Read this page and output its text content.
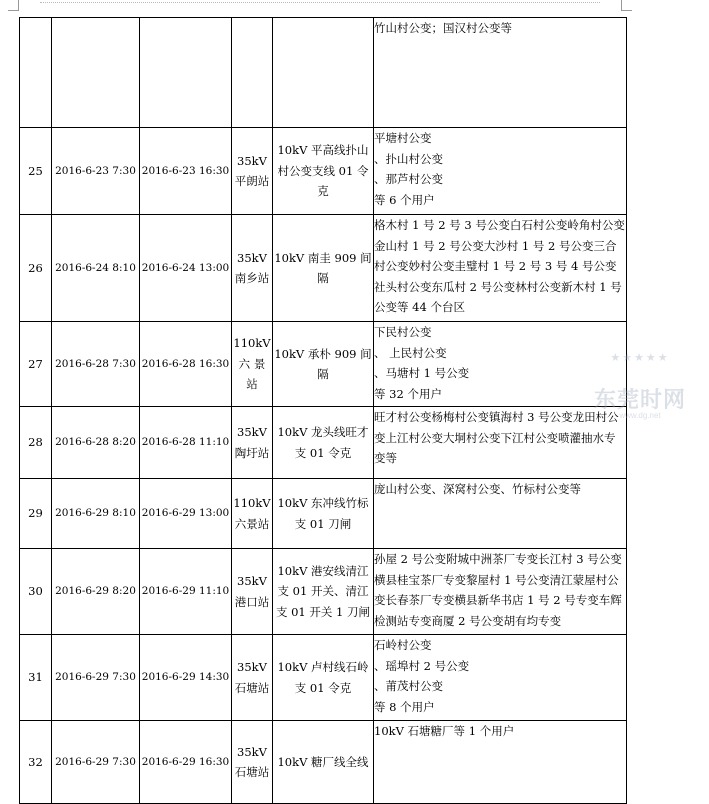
					竹山村公变；国汉村公变等

25	2016-6-23 7:30	2016-6-23 16:30	35kV 平朗站	10kV 平高线扑山村公变支线 01 令克	平塘村公变
、扑山村公变
、那芦村公变
等 6 个用户

26	2016-6-24 8:10	2016-6-24 13:00	35kV 南乡站	10kV 南圭 909 间隔	格木村 1 号 2 号 3 号公变白石村公变岭角村公变金山村 1 号 2 号公变大沙村 1 号 2 号公变三合村公变妙村公变圭璧村 1 号 2 号 3 号 4 号公变社头村公变东瓜村 2 号公变林村公变新木村 1 号公变等 44 个台区

27	2016-6-28 7:30	2016-6-28 16:30	110kV 六 景 站	10kV 承朴 909 间隔	下民村公变
、 上民村公变
、马塘村 1 号公变
等 32 个用户

28	2016-6-28 8:20	2016-6-28 11:10	35kV 陶圩站	10kV 龙头线旺才支 01 令克	旺才村公变杨梅村公变镇海村 3 号公变龙田村公变上江村公变大垌村公变下江村公变喷灌抽水专变等

29	2016-6-29 8:10	2016-6-29 13:00	110kV 六景站	10kV 东冲线竹标支 01 刀闸	庞山村公变、深窝村公变、竹标村公变等

30	2016-6-29 8:20	2016-6-29 11:10	35kV 港口站	10kV 港安线清江支 01 开关、清江支 01 开关 1 刀闸	孙屋 2 号公变附城中洲茶厂专变长江村 3 号公变横县桂宝茶厂专变黎屋村 1 号公变清江蒙屋村公变长春茶厂专变横县新华书店 1 号 2 号专变车辉检测站专变商厦 2 号公变胡有均专变

31	2016-6-29 7:30	2016-6-29 14:30	35kV 石塘站	10kV 卢村线石岭支 01 令克	石岭村公变
、瑶埠村 2 号公变
、莆茂村公变
等 8 个用户

32	2016-6-29 7:30	2016-6-29 16:30	35kV 石塘站	10kV 糖厂线全线	10kV 石塘糖厂等 1 个用户
★★★★★
东莞时网
www.dg.net
